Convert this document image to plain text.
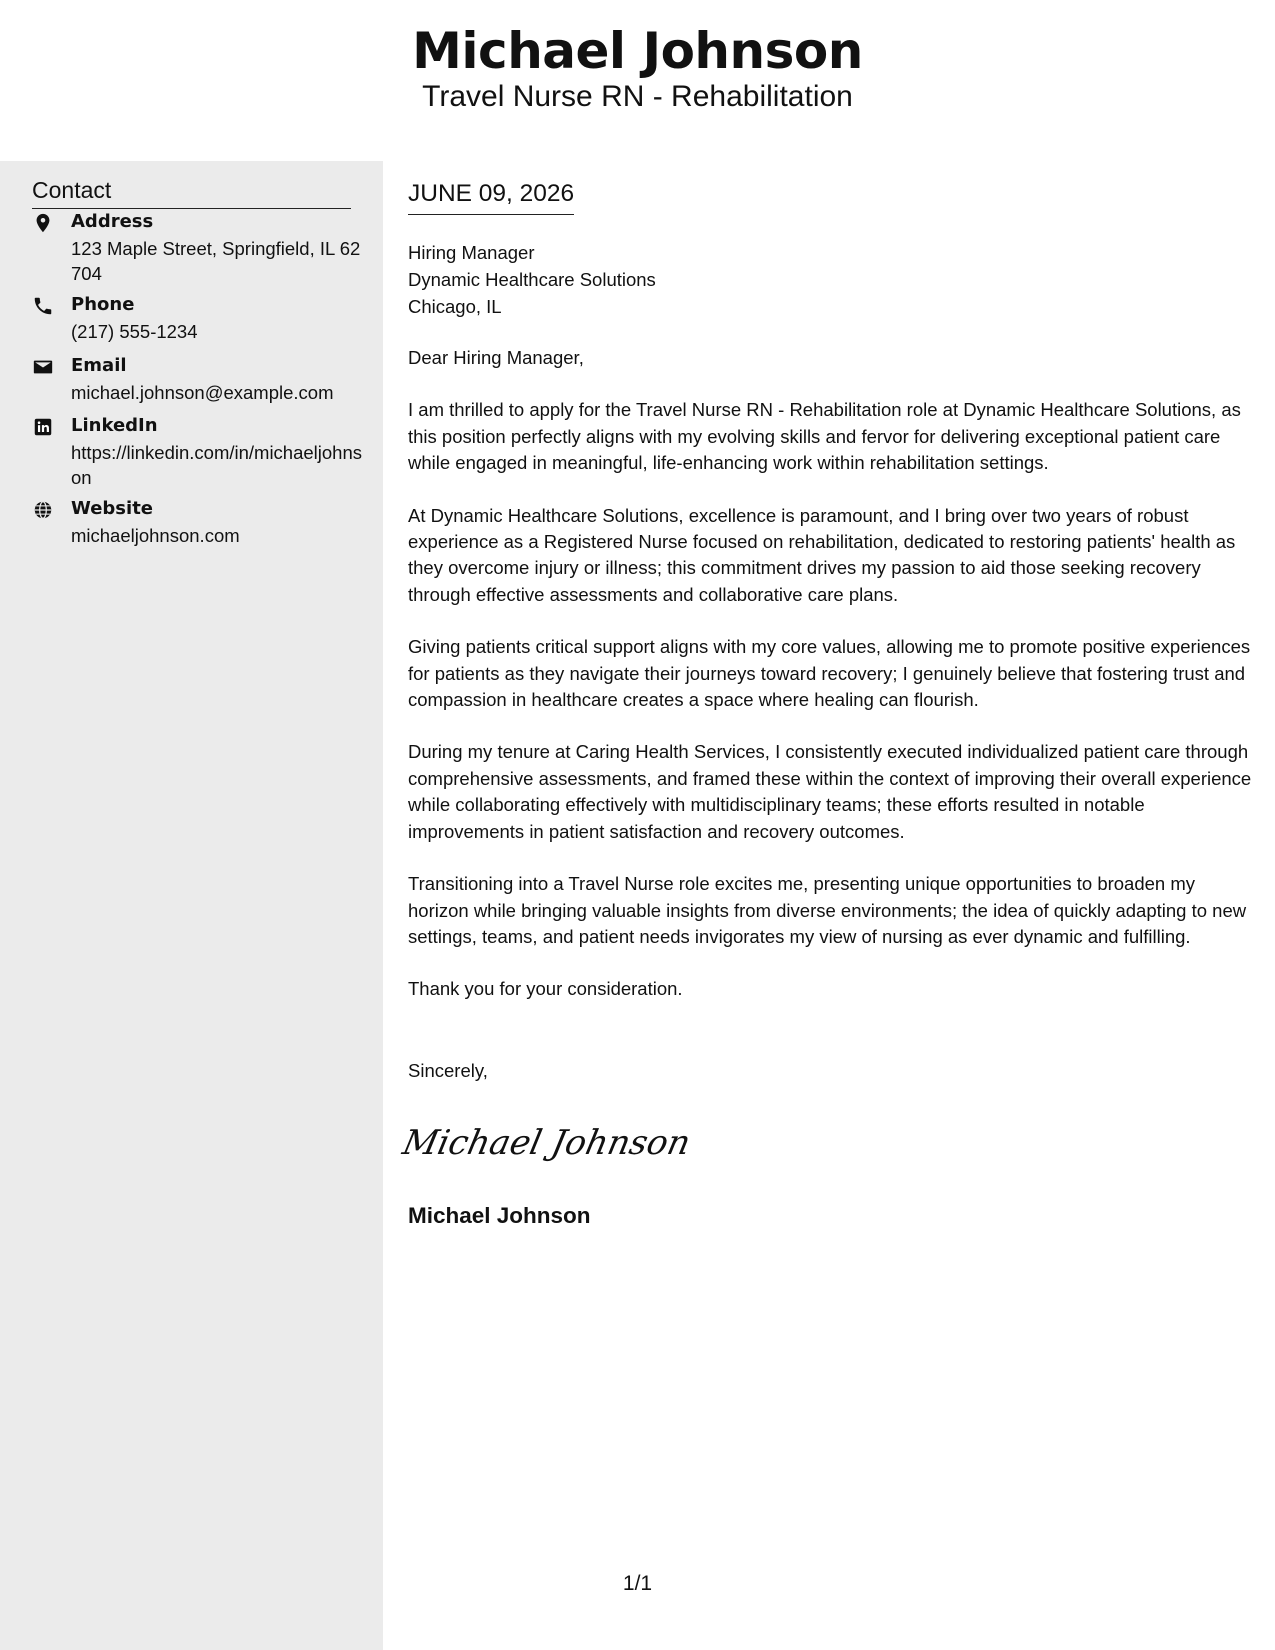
Michael Johnson
Travel Nurse RN - Rehabilitation
Contact
Address
123 Maple Street, Springfield, IL 62704
Phone
(217) 555-1234
Email
michael.johnson@example.com
LinkedIn
https://linkedin.com/in/michaeljohnson
Website
michaeljohnson.com
JUNE 09, 2026
Hiring Manager
Dynamic Healthcare Solutions
Chicago, IL

Dear Hiring Manager,

I am thrilled to apply for the Travel Nurse RN - Rehabilitation role at Dynamic Healthcare Solutions, as this position perfectly aligns with my evolving skills and fervor for delivering exceptional patient care while engaged in meaningful, life-enhancing work within rehabilitation settings.

At Dynamic Healthcare Solutions, excellence is paramount, and I bring over two years of robust experience as a Registered Nurse focused on rehabilitation, dedicated to restoring patients' health as they overcome injury or illness; this commitment drives my passion to aid those seeking recovery through effective assessments and collaborative care plans.

Giving patients critical support aligns with my core values, allowing me to promote positive experiences for patients as they navigate their journeys toward recovery; I genuinely believe that fostering trust and compassion in healthcare creates a space where healing can flourish.

During my tenure at Caring Health Services, I consistently executed individualized patient care through comprehensive assessments, and framed these within the context of improving their overall experience while collaborating effectively with multidisciplinary teams; these efforts resulted in notable improvements in patient satisfaction and recovery outcomes.

Transitioning into a Travel Nurse role excites me, presenting unique opportunities to broaden my horizon while bringing valuable insights from diverse environments; the idea of quickly adapting to new settings, teams, and patient needs invigorates my view of nursing as ever dynamic and fulfilling.

Thank you for your consideration.

Sincerely,
Michael Johnson
Michael Johnson
1/1
